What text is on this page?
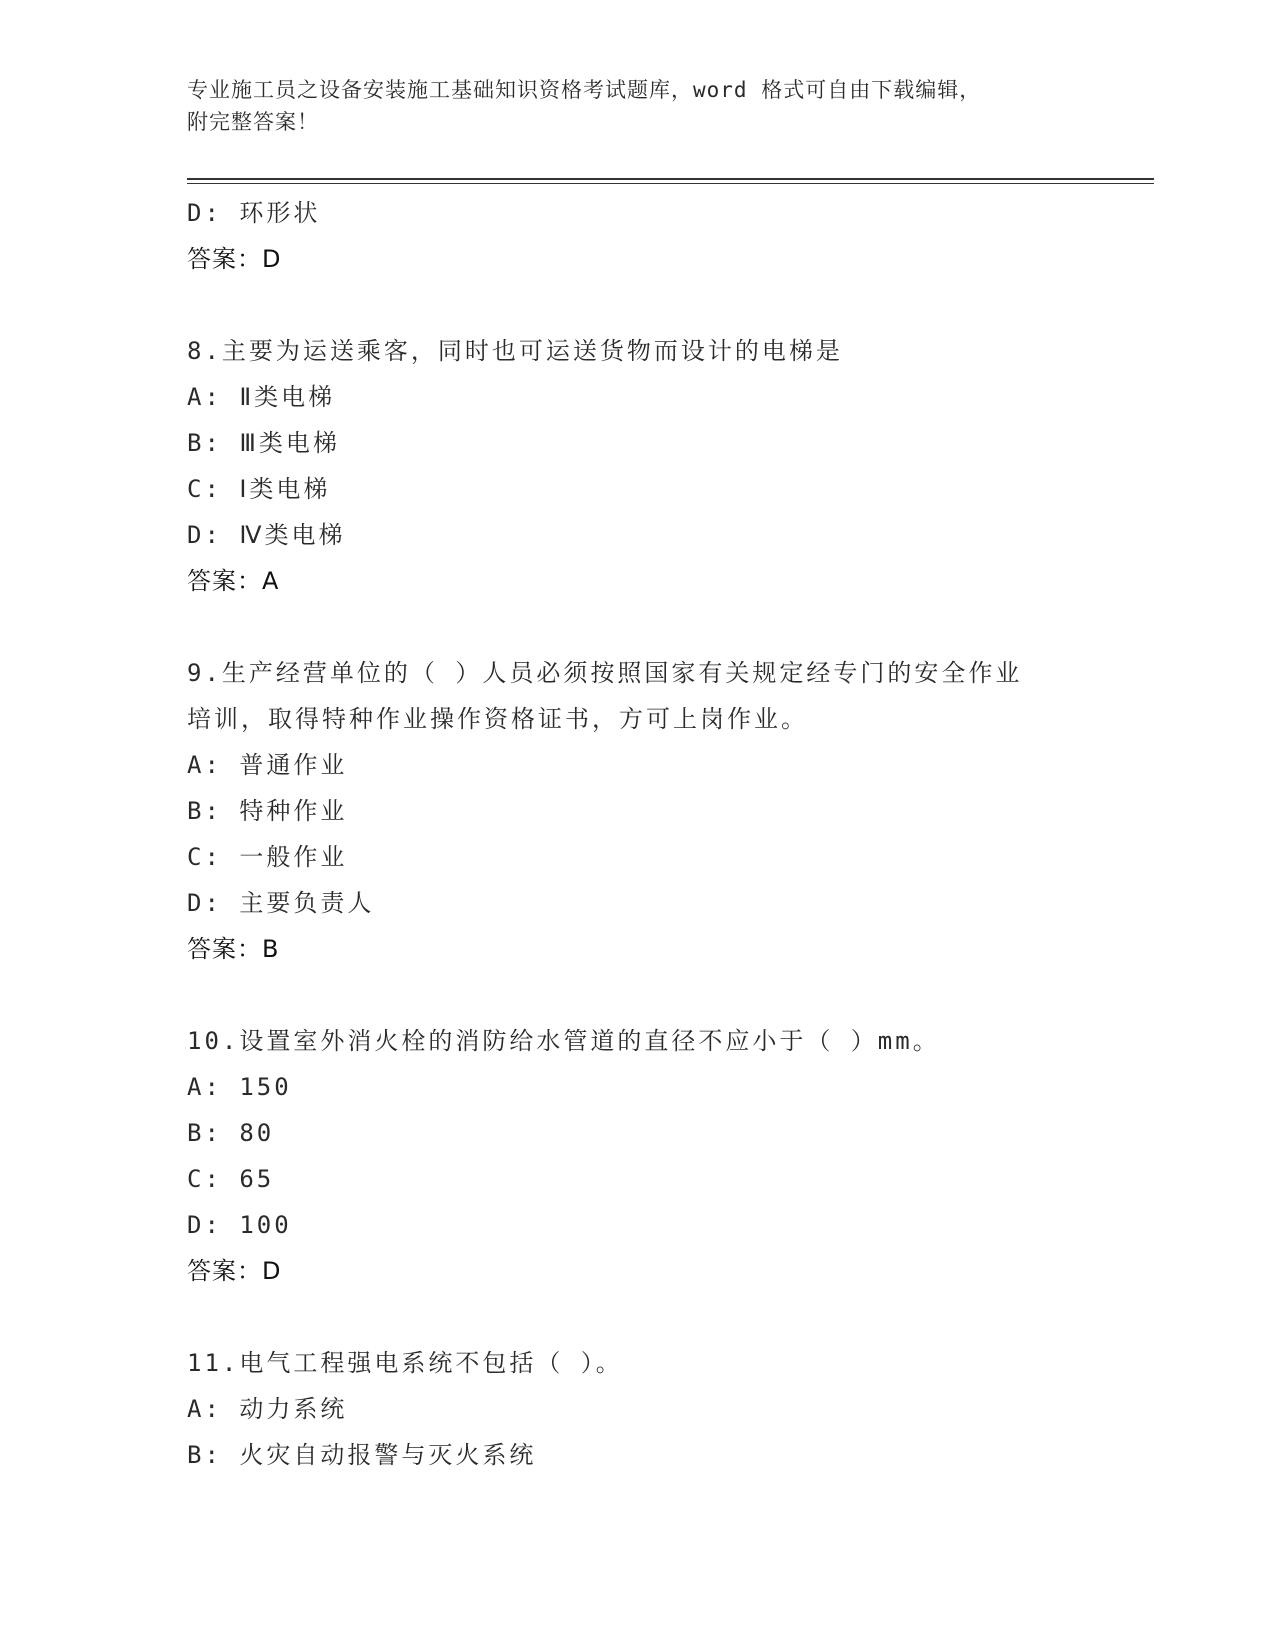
专业施工员之设备安装施工基础知识资格考试题库，word 格式可自由下载编辑，
附完整答案！
D: 环形状
答案：D
8.主要为运送乘客，同时也可运送货物而设计的电梯是
A: Ⅱ类电梯
B: Ⅲ类电梯
C: Ⅰ类电梯
D: Ⅳ类电梯
答案：A
9.生产经营单位的（ ）人员必须按照国家有关规定经专门的安全作业
培训，取得特种作业操作资格证书，方可上岗作业。
A: 普通作业
B: 特种作业
C: 一般作业
D: 主要负责人
答案：B
10.设置室外消火栓的消防给水管道的直径不应小于（ ）mm。
A: 150
B: 80
C: 65
D: 100
答案：D
11.电气工程强电系统不包括（ ）。
A: 动力系统
B: 火灾自动报警与灭火系统
